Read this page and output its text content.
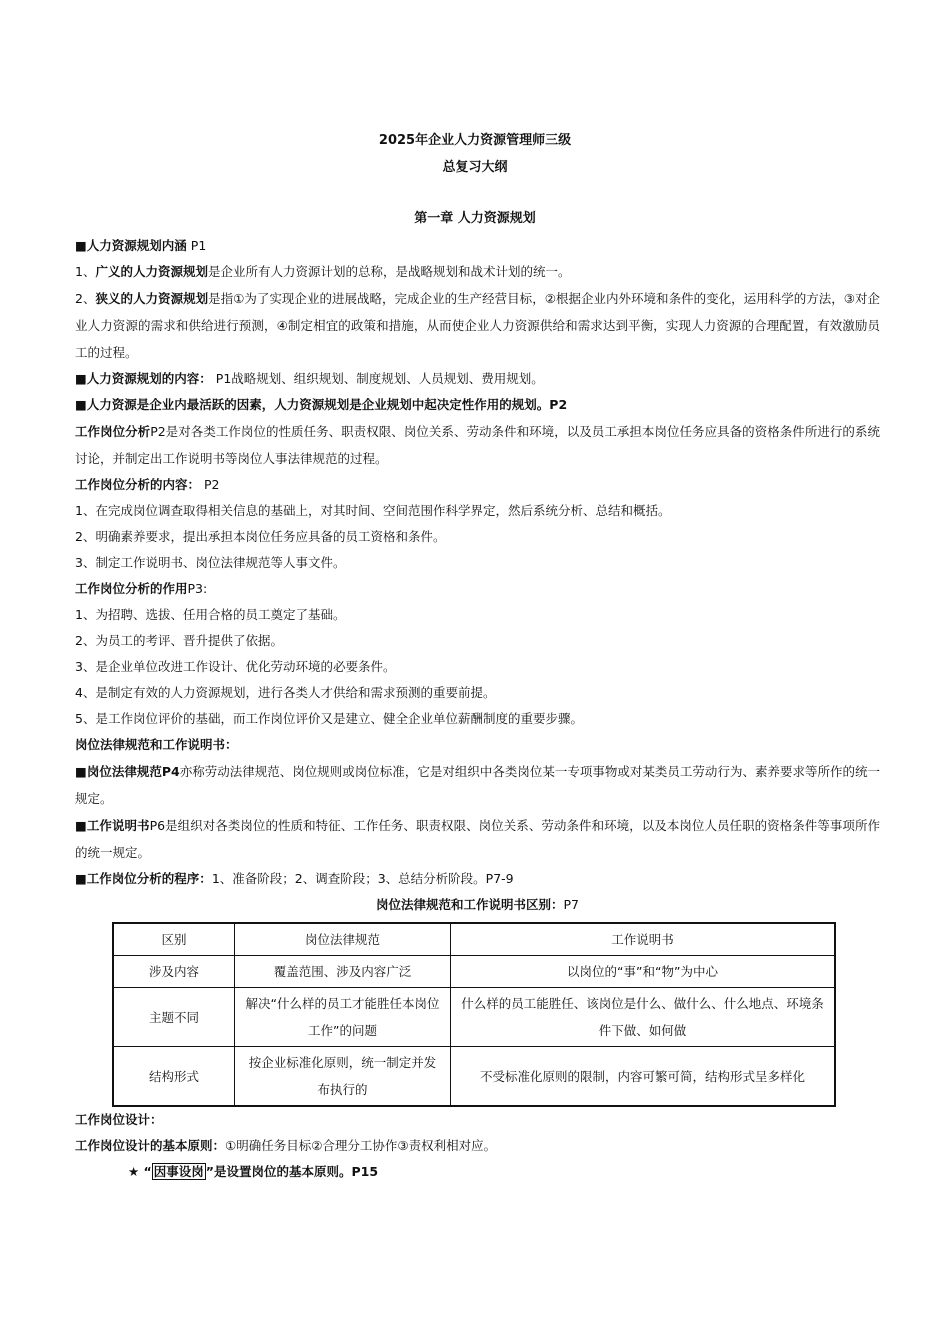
2025年企业人力资源管理师三级
总复习大纲
第一章 人力资源规划
■人力资源规划内涵 P1
1、广义的人力资源规划是企业所有人力资源计划的总称，是战略规划和战术计划的统一。
2、狭义的人力资源规划是指①为了实现企业的进展战略，完成企业的生产经营目标，②根据企业内外环境和条件的变化，运用科学的方法，③对企业人力资源的需求和供给进行预测，④制定相宜的政策和措施，从而使企业人力资源供给和需求达到平衡，实现人力资源的合理配置，有效激励员工的过程。
■人力资源规划的内容： P1战略规划、组织规划、制度规划、人员规划、费用规划。
■人力资源是企业内最活跃的因素，人力资源规划是企业规划中起决定性作用的规划。P2
工作岗位分析P2是对各类工作岗位的性质任务、职责权限、岗位关系、劳动条件和环境，以及员工承担本岗位任务应具备的资格条件所进行的系统讨论，并制定出工作说明书等岗位人事法律规范的过程。
工作岗位分析的内容： P2
1、在完成岗位调查取得相关信息的基础上，对其时间、空间范围作科学界定，然后系统分析、总结和概括。
2、明确素养要求，提出承担本岗位任务应具备的员工资格和条件。
3、制定工作说明书、岗位法律规范等人事文件。
工作岗位分析的作用P3:
1、为招聘、选拔、任用合格的员工奠定了基础。
2、为员工的考评、晋升提供了依据。
3、是企业单位改进工作设计、优化劳动环境的必要条件。
4、是制定有效的人力资源规划，进行各类人才供给和需求预测的重要前提。
5、是工作岗位评价的基础，而工作岗位评价又是建立、健全企业单位薪酬制度的重要步骤。
岗位法律规范和工作说明书：
■岗位法律规范P4亦称劳动法律规范、岗位规则或岗位标准，它是对组织中各类岗位某一专项事物或对某类员工劳动行为、素养要求等所作的统一规定。
■工作说明书P6是组织对各类岗位的性质和特征、工作任务、职责权限、岗位关系、劳动条件和环境，以及本岗位人员任职的资格条件等事项所作的统一规定。
■工作岗位分析的程序：1、准备阶段；2、调查阶段；3、总结分析阶段。P7-9
岗位法律规范和工作说明书区别：P7
区别	岗位法律规范	工作说明书
涉及内容	覆盖范围、涉及内容广泛	以岗位的“事”和“物”为中心
主题不同	解决“什么样的员工才能胜任本岗位工作”的问题	什么样的员工能胜任、该岗位是什么、做什么、什么地点、环境条件下做、如何做
结构形式	按企业标准化原则，统一制定并发布执行的	不受标准化原则的限制，内容可繁可简，结构形式呈多样化
工作岗位设计：
工作岗位设计的基本原则：①明确任务目标②合理分工协作③责权利相对应。
★ “ 因事设岗 ”是设置岗位的基本原则。P15
